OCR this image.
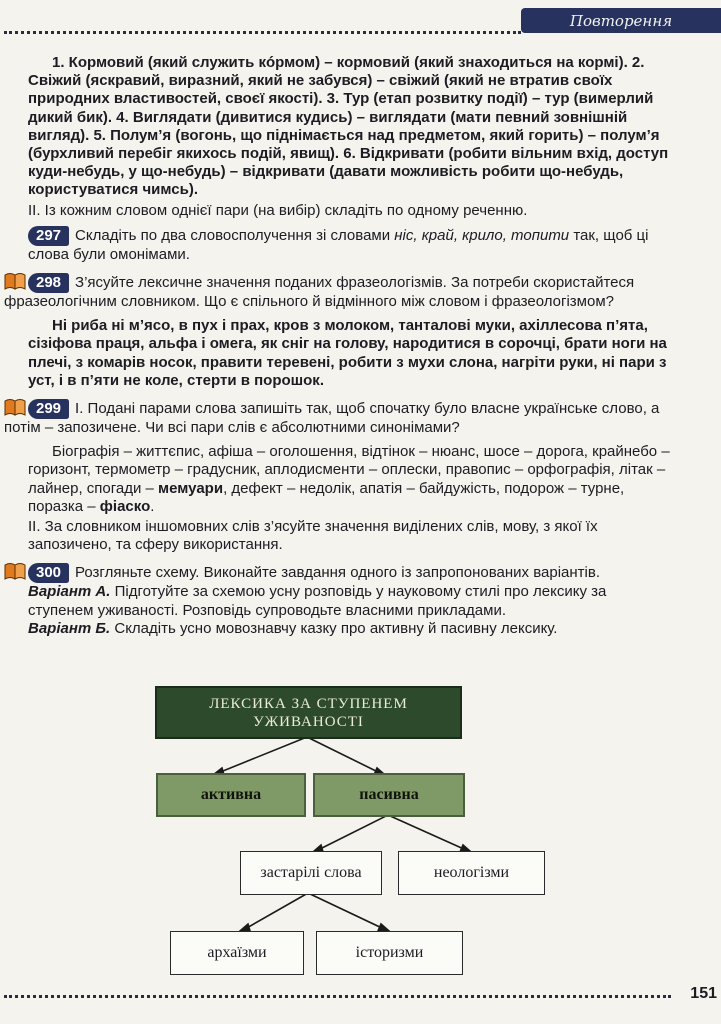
Повторення

1. Кормовий (який служить кóрмом) – кормовий (який знаходиться на кормі). 2. Свіжий (яскравий, виразний, який не забувся) – свіжий (який не втратив своїх природних властивостей, своєї якості). 3. Тур (етап розвитку події) – тур (вимерлий дикий бик). 4. Виглядати (дивитися кудись) – виглядати (мати певний зовнішній вигляд). 5. Полум’я (вогонь, що піднімається над предметом, який горить) – полум’я (бурхливий перебіг якихось подій, явищ). 6. Відкривати (робити вільним вхід, доступ куди-небудь, у що-небудь) – відкривати (давати можливість робити що-небудь, користуватися чимсь).

ІІ. Із кожним словом однієї пари (на вибір) складіть по одному реченню.

297 Складіть по два словосполучення зі словами ніс, край, крило, топити так, щоб ці слова були омонімами.

298 З’ясуйте лексичне значення поданих фразеологізмів. За потреби скористайтеся фразеологічним словником. Що є спільного й відмінного між словом і фразеологізмом?

Ні риба ні м’ясо, в пух і прах, кров з молоком, танталові муки, ахіллесова п’ята, сізіфова праця, альфа і омега, як сніг на голову, народитися в сорочці, брати ноги на плечі, з комарів носок, правити теревені, робити з мухи слона, нагріти руки, ні пари з уст, і в п’яти не коле, стерти в порошок.

299 І. Подані парами слова запишіть так, щоб спочатку було власне українське слово, а потім – запозичене. Чи всі пари слів є абсолютними синонімами?

Біографія – життєпис, афіша – оголошення, відтінок – нюанс, шосе – дорога, крайнебо – горизонт, термометр – градусник, аплодисменти – оплески, правопис – орфографія, літак – лайнер, спогади – мемуари, дефект – недолік, апатія – байдужість, подорож – турне, поразка – фіаско.

ІІ. За словником іншомовних слів з’ясуйте значення виділених слів, мову, з якої їх запозичено, та сферу використання.

300 Розгляньте схему. Виконайте завдання одного із запропонованих варіантів.

Варіант А. Підготуйте за схемою усну розповідь у науковому стилі про лексику за ступенем уживаності. Розповідь супроводьте власними прикладами.

Варіант Б. Складіть усно мовознавчу казку про активну й пасивну лексику.

ЛЕКСИКА ЗА СТУПЕНЕМ УЖИВАНОСТІ
активна	пасивна
застарілі слова	неологізми
архаїзми	історизми
151
